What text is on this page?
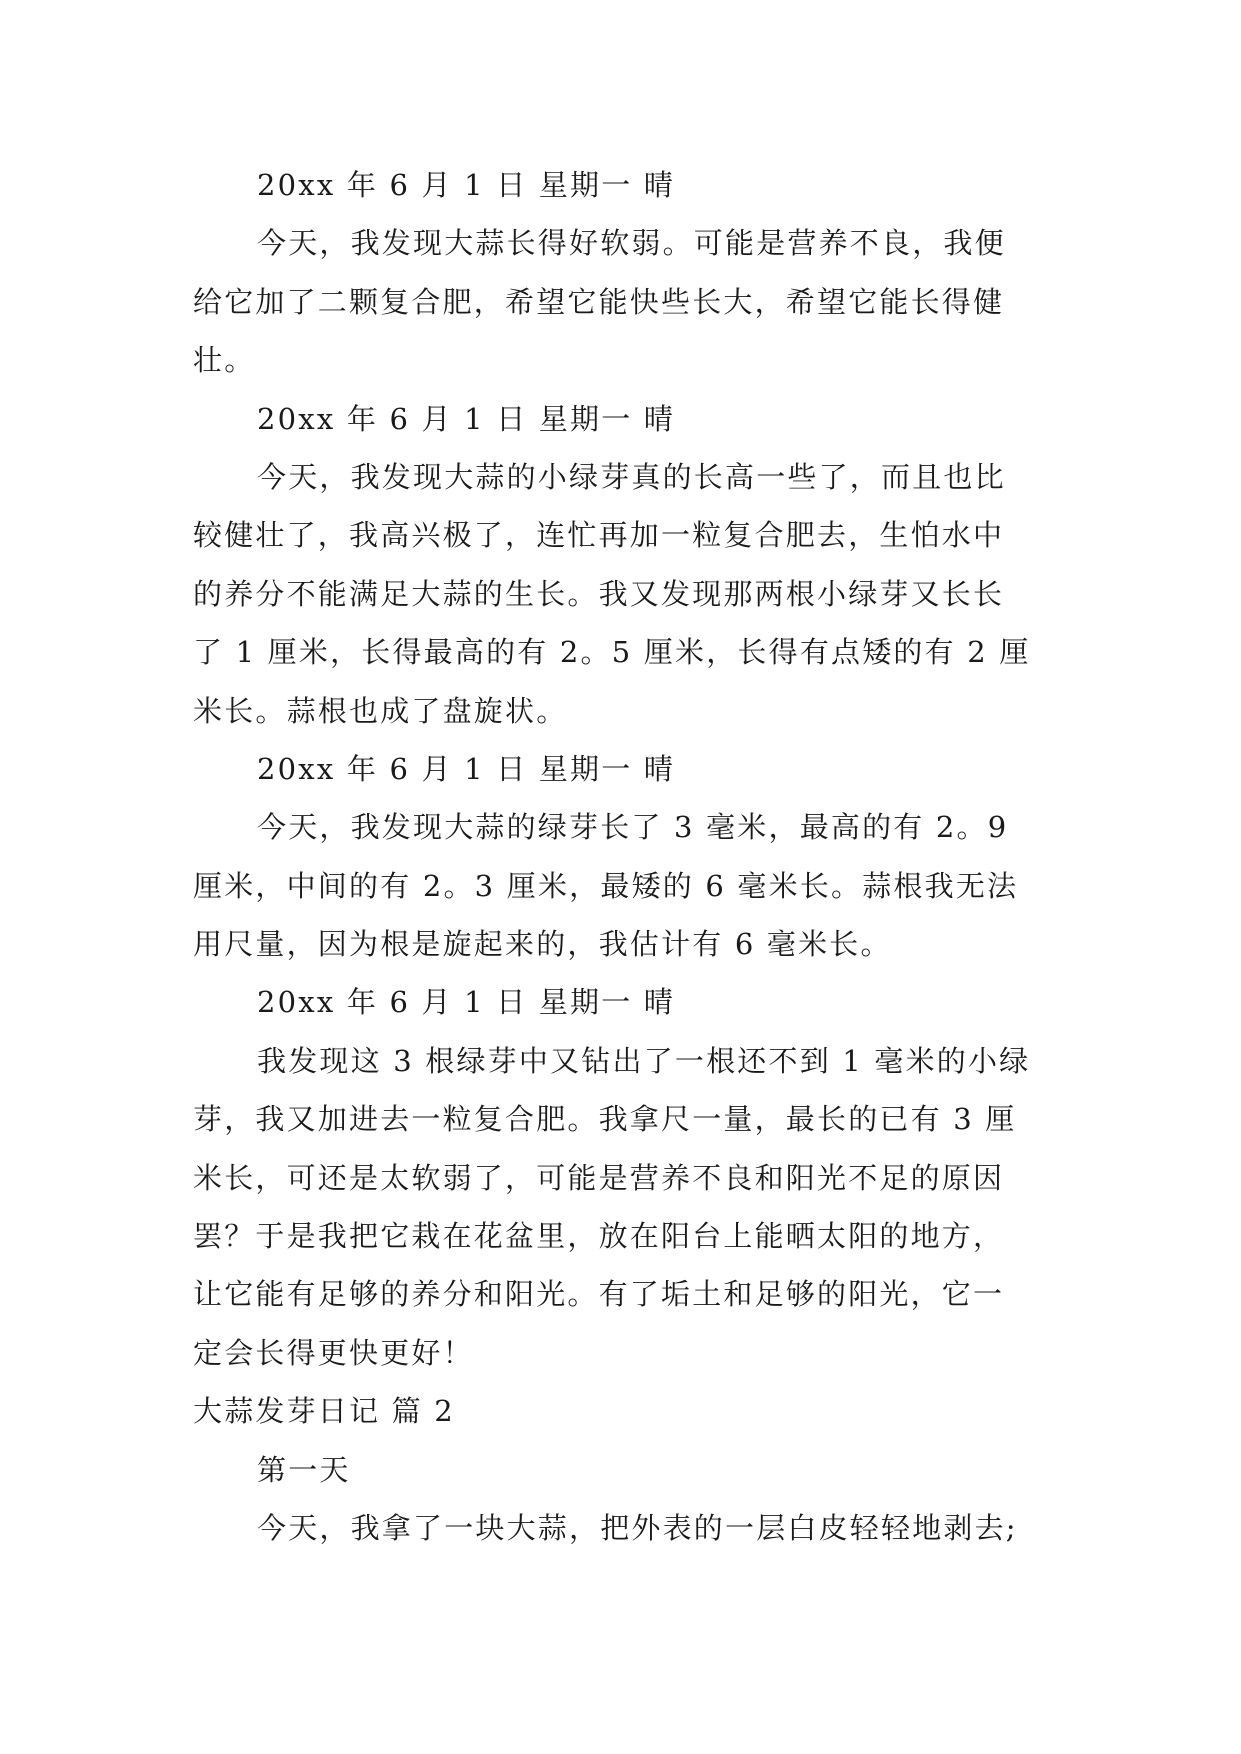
20xx 年 6 月 1 日 星期一 晴
今天，我发现大蒜长得好软弱。可能是营养不良，我便
给它加了二颗复合肥，希望它能快些长大，希望它能长得健
壮。
20xx 年 6 月 1 日 星期一 晴
今天，我发现大蒜的小绿芽真的长高一些了，而且也比
较健壮了，我高兴极了，连忙再加一粒复合肥去，生怕水中
的养分不能满足大蒜的生长。我又发现那两根小绿芽又长长
了 1 厘米，长得最高的有 2。5 厘米，长得有点矮的有 2 厘
米长。蒜根也成了盘旋状。
20xx 年 6 月 1 日 星期一 晴
今天，我发现大蒜的绿芽长了 3 毫米，最高的有 2。9
厘米，中间的有 2。3 厘米，最矮的 6 毫米长。蒜根我无法
用尺量，因为根是旋起来的，我估计有 6 毫米长。
20xx 年 6 月 1 日 星期一 晴
我发现这 3 根绿芽中又钻出了一根还不到 1 毫米的小绿
芽，我又加进去一粒复合肥。我拿尺一量，最长的已有 3 厘
米长，可还是太软弱了，可能是营养不良和阳光不足的原因
罢？于是我把它栽在花盆里，放在阳台上能晒太阳的地方，
让它能有足够的养分和阳光。有了垢土和足够的阳光，它一
定会长得更快更好！
大蒜发芽日记 篇 2
第一天
今天，我拿了一块大蒜，把外表的一层白皮轻轻地剥去;
